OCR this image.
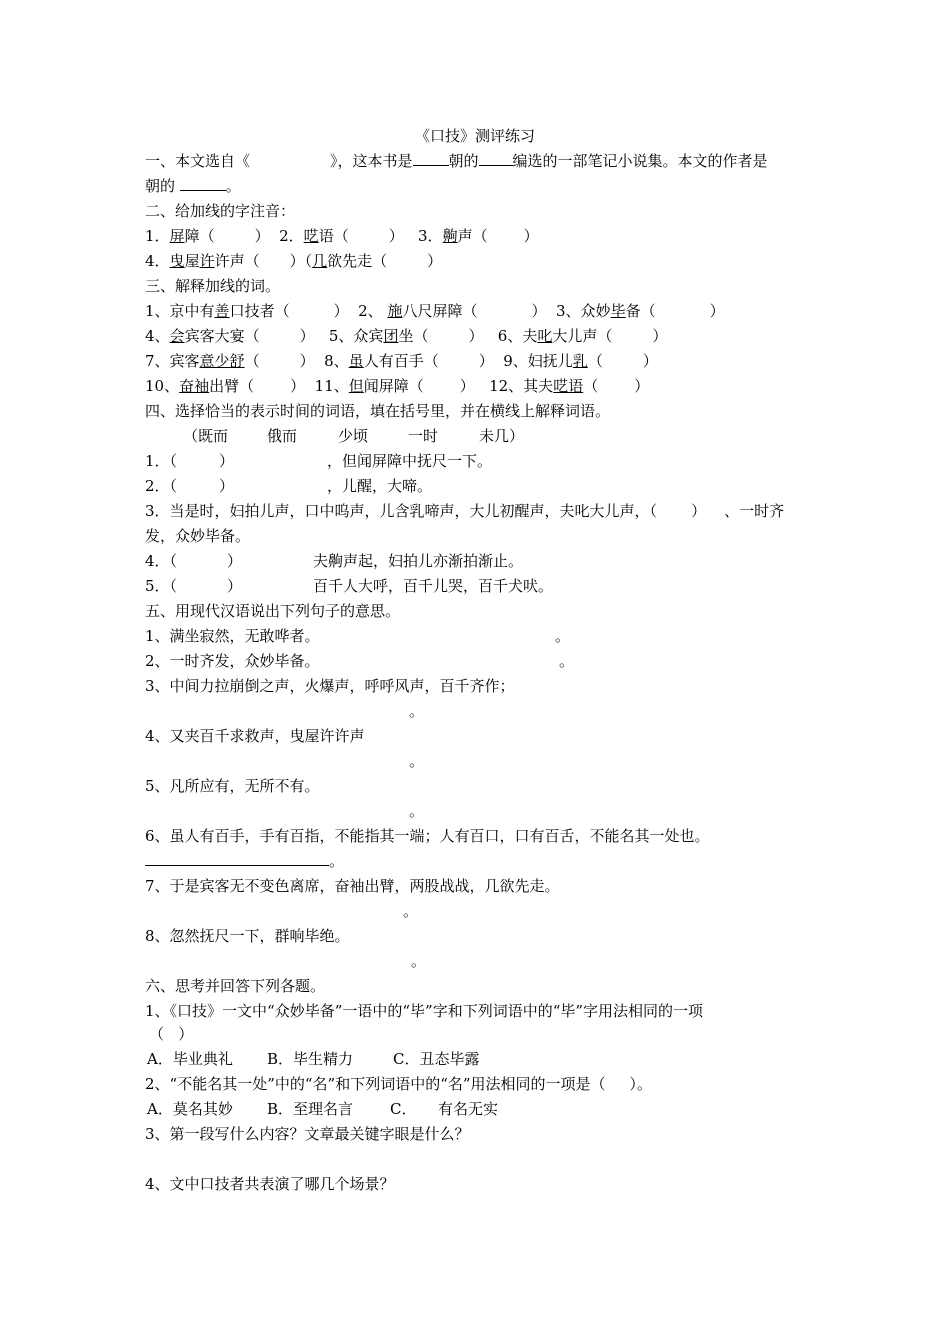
《口技》测评练习
一、本文选自《	》，这本书是 朝的 编选的一部笔记小说集。本文的作者是
朝的	。
二、给加线的字注音：
1．屏障（	）  2．呓语（	）   3．齁声（ ）
4．曳屋许许声（ ）（几欲先走（	）
三、解释加线的词。
1、京中有善口技者（	）  2、 施八尺屏障（	）  3、众妙毕备（	）
4、会宾客大宴（	）   5、众宾团坐（	）   6、夫叱大儿声（	）
7、宾客意少舒（	）  8、虽人有百手（	）  9、妇抚儿乳（	）
10、奋袖出臂（ ）  11、但闻屏障（ ）   12、其夫呓语（ ）
四、选择恰当的表示时间的词语，填在括号里，并在横线上解释词语。
（既而	俄而	少顷	一时	未几）
1．（	）	，但闻屏障中抚尺一下。
2．（	）	，儿醒，大啼。
3．当是时，妇拍儿声，口中呜声，儿含乳啼声，大儿初醒声，夫叱大儿声，（ ） 、一时齐
发，众妙毕备。
4．（	）	夫齁声起，妇拍儿亦渐拍渐止。
5．（	）	百千人大呼，百千儿哭，百千犬吠。
五、用现代汉语说出下列句子的意思。
1、满坐寂然，无敢哗者。	。
2、一时齐发，众妙毕备。	。
3、中间力拉崩倒之声，火爆声，呼呼风声，百千齐作；
。
4、又夹百千求救声，曳屋许许声
。
5、凡所应有，无所不有。
。
6、虽人有百手，手有百指，不能指其一端；人有百口，口有百舌，不能名其一处也。
。
7、于是宾客无不变色离席，奋袖出臂，两股战战，几欲先走。
。
8、忽然抚尺一下，群响毕绝。
。
六、思考并回答下列各题。
1、《口技》一文中“众妙毕备”一语中的“毕”字和下列词语中的“毕”字用法相同的一项
（   ）
A．毕业典礼 B．毕生精力	C．丑态毕露
2、“不能名其一处”中的“名”和下列词语中的“名”用法相同的一项是（     ）。
A．莫名其妙 B．至理名言 C． 有名无实
3、第一段写什么内容？文章最关键字眼是什么？
4、文中口技者共表演了哪几个场景？
